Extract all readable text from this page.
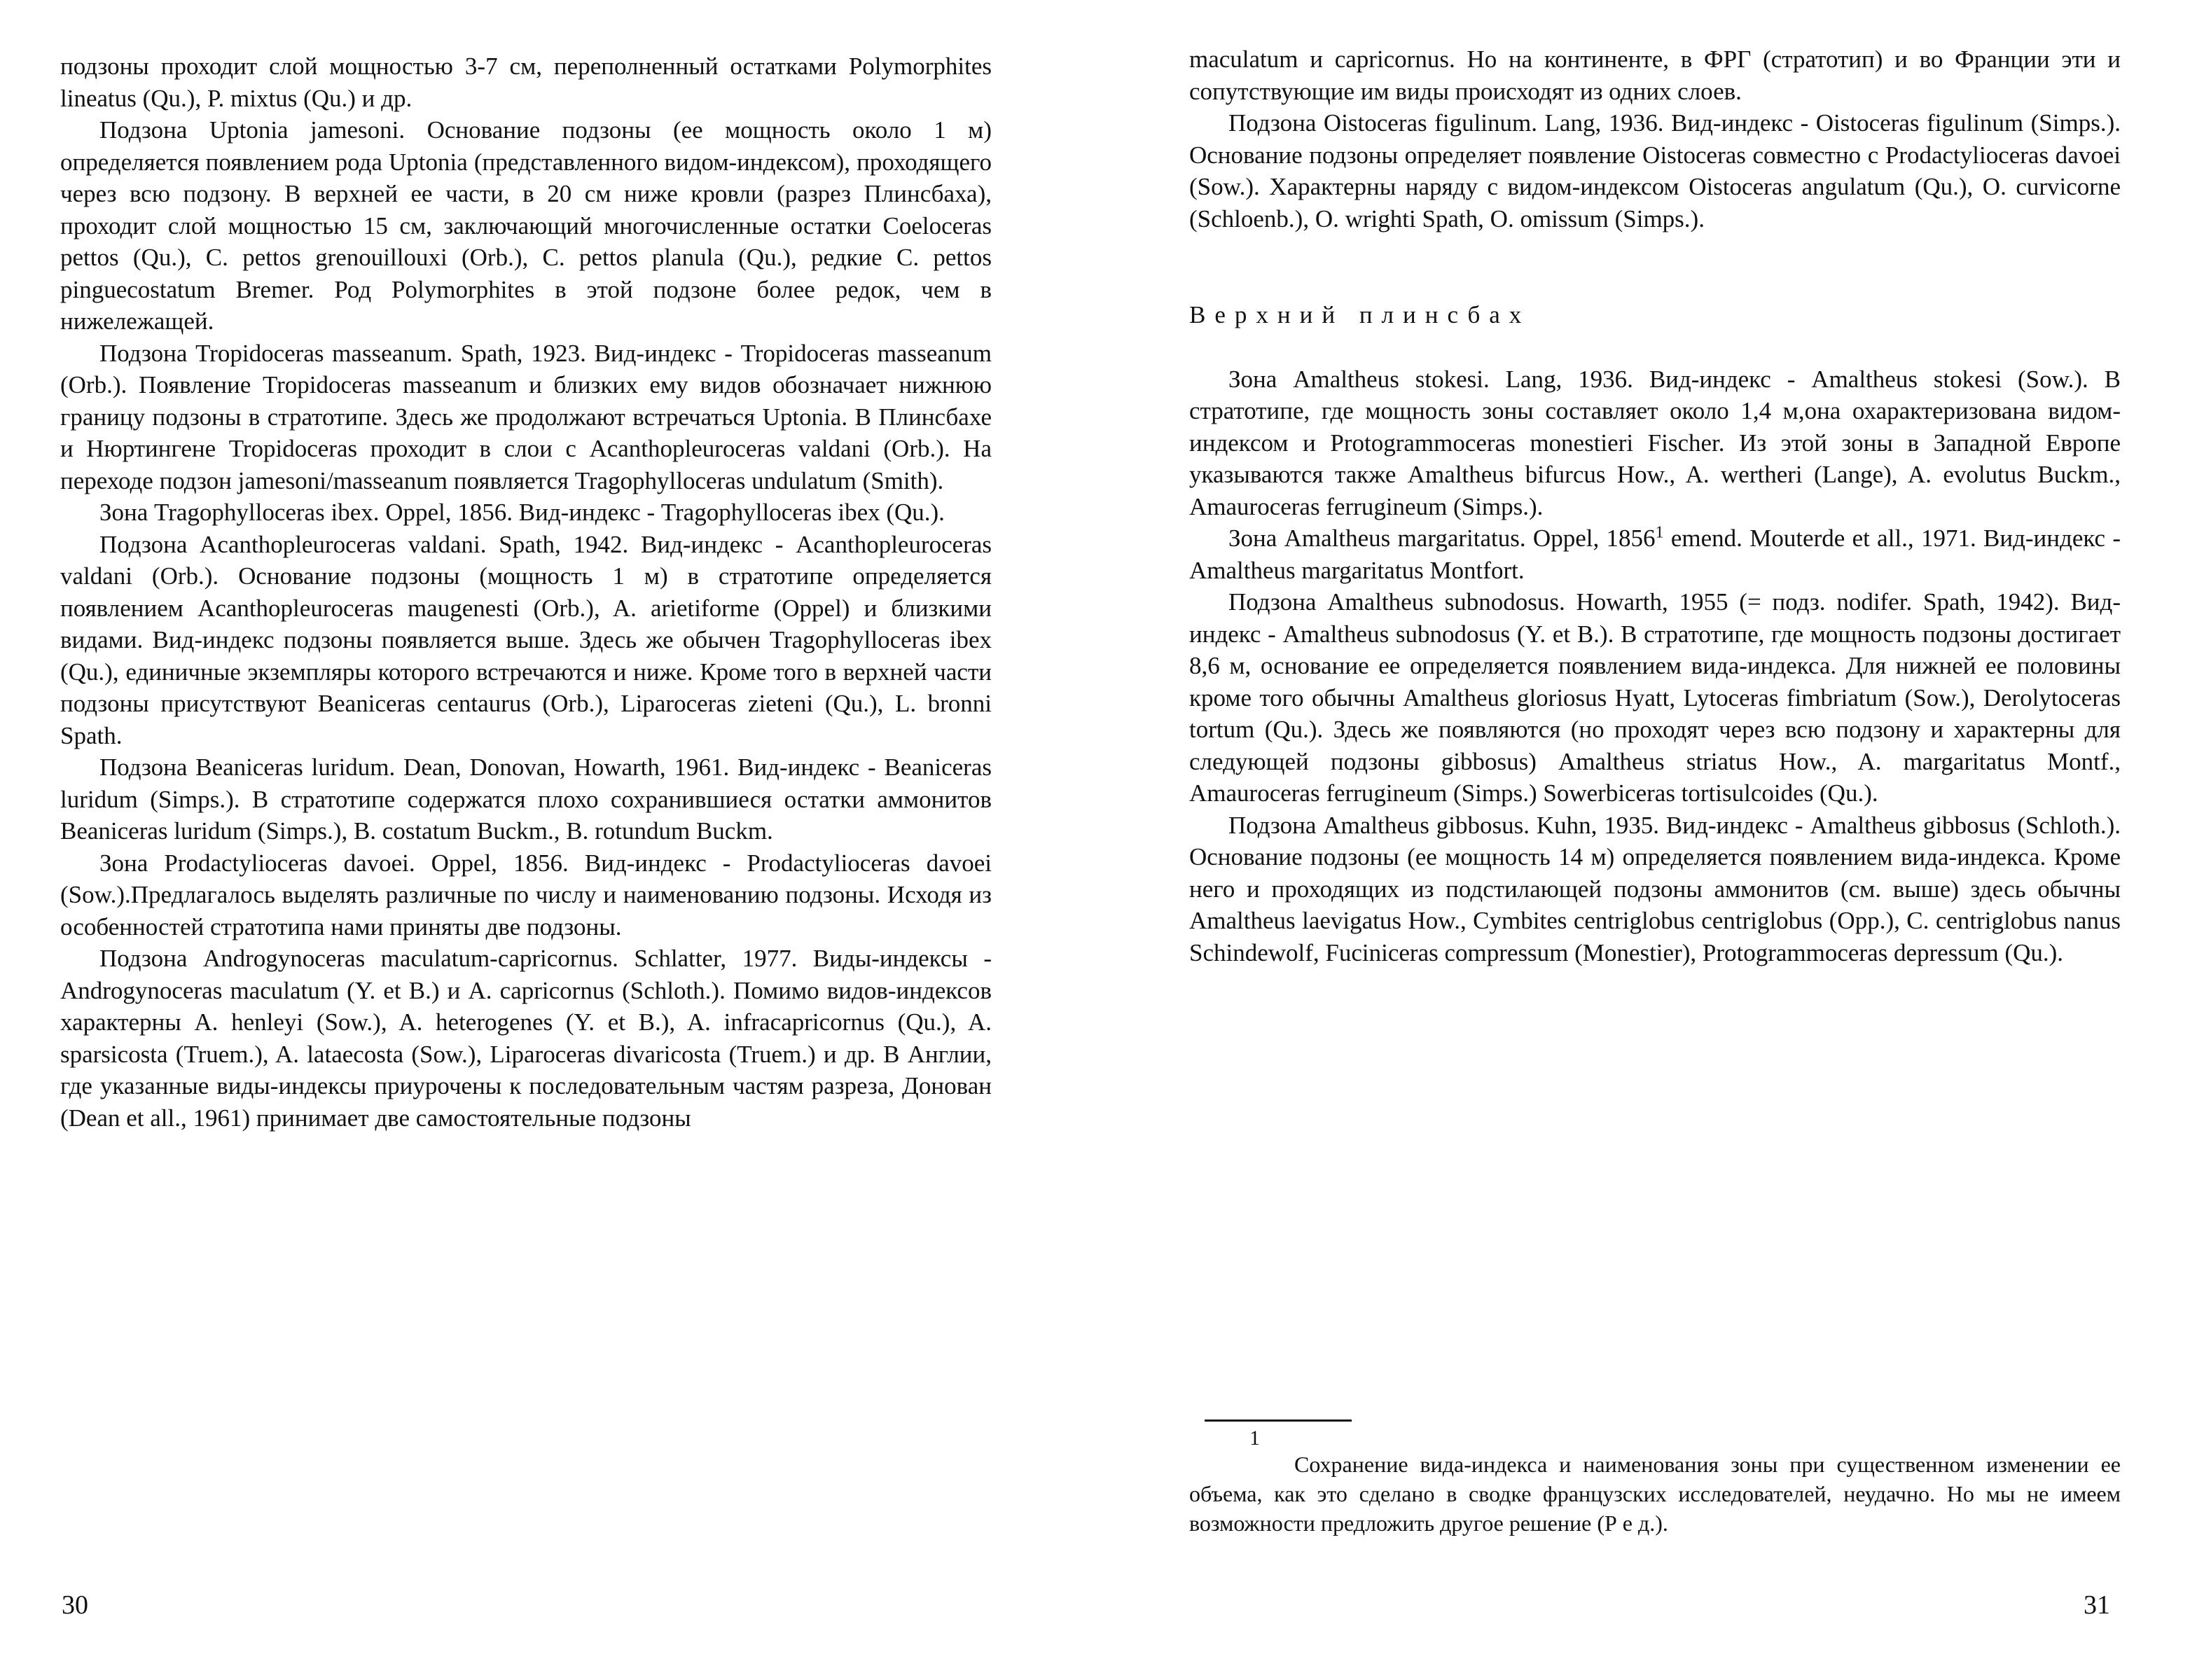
подзоны проходит слой мощностью 3-7 см, переполненный остатками Polymorphites lineatus (Qu.), P. mixtus (Qu.) и др.

Подзона Uptonia jamesoni. Основание подзоны (ее мощность около 1 м) определяется появлением рода Uptonia (представленного видом-индексом), проходящего через всю подзону. В верхней ее части, в 20 см ниже кровли (разрез Плинсбаха), проходит слой мощностью 15 см, заключающий многочисленные остатки Coeloceras pettos (Qu.), C. pettos grenouillouxi (Orb.), C. pettos planula (Qu.), редкие C. pettos pinguecostatum Bremer. Род Polymorphites в этой подзоне более редок, чем в нижележащей.

Подзона Tropidoceras masseanum. Spath, 1923. Вид-индекс - Tropidoceras masseanum (Orb.). Появление Tropidoceras masseanum и близких ему видов обозначает нижнюю границу подзоны в стратотипе. Здесь же продолжают встречаться Uptonia. В Плинсбахе и Нюртингене Tropidoceras проходит в слои с Acanthopleuroceras valdani (Orb.). На переходе подзон jamesoni/masseanum появляется Tragophylloceras undulatum (Smith).

Зона Tragophylloceras ibex. Oppel, 1856. Вид-индекс - Tragophylloceras ibex (Qu.).

Подзона Acanthopleuroceras valdani. Spath, 1942. Вид-индекс - Acanthopleuroceras valdani (Orb.). Основание подзоны (мощность 1 м) в стратотипе определяется появлением Acanthopleuroceras maugenesti (Orb.), A. arietiforme (Oppel) и близкими видами. Вид-индекс подзоны появляется выше. Здесь же обычен Tragophylloceras ibex (Qu.), единичные экземпляры которого встречаются и ниже. Кроме того в верхней части подзоны присутствуют Beaniceras centaurus (Orb.), Liparoceras zieteni (Qu.), L. bronni Spath.

Подзона Beaniceras luridum. Dean, Donovan, Howarth, 1961. Вид-индекс - Beaniceras luridum (Simps.). В стратотипе содержатся плохо сохранившиеся остатки аммонитов Beaniceras luridum (Simps.), B. costatum Buckm., B. rotundum Buckm.

Зона Prodactylioceras davoei. Oppel, 1856. Вид-индекс - Prodactylioceras davoei (Sow.).Предлагалось выделять различные по числу и наименованию подзоны. Исходя из особенностей стратотипа нами приняты две подзоны.

Подзона Androgynoceras maculatum-capricornus. Schlatter, 1977. Виды-индексы - Androgynoceras maculatum (Y. et B.) и A. capricornus (Schloth.). Помимо видов-индексов характерны A. henleyi (Sow.), A. heterogenes (Y. et B.), A. infracapricornus (Qu.), A. sparsicosta (Truem.), A. lataecosta (Sow.), Liparoceras divaricosta (Truem.) и др. В Англии, где указанные виды-индексы приурочены к последовательным частям разреза, Донован (Dean et all., 1961) принимает две самостоятельные подзоны

30	31

maculatum и capricornus. Но на континенте, в ФРГ (стратотип) и во Франции эти и сопутствующие им виды происходят из одних слоев.

Подзона Oistoceras figulinum. Lang, 1936. Вид-индекс - Oistoceras figulinum (Simps.). Основание подзоны определяет появление Oistoceras совместно с Prodactylioceras davoei (Sow.). Характерны наряду с видом-индексом Oistoceras angulatum (Qu.), O. curvicorne (Schloenb.), O. wrighti Spath, O. omissum (Simps.).

Верхний плинсбах

Зона Amaltheus stokesi. Lang, 1936. Вид-индекс - Amaltheus stokesi (Sow.). В стратотипе, где мощность зоны составляет около 1,4 м,она охарактеризована видом-индексом и Protogrammoceras monestieri Fischer. Из этой зоны в Западной Европе указываются также Amaltheus bifurcus How., A. wertheri (Lange), A. evolutus Buckm., Amauroceras ferrugineum (Simps.).

Зона Amaltheus margaritatus. Oppel, 1856$^1$ emend. Mouterde et all., 1971. Вид-индекс - Amaltheus margaritatus Montfort.

Подзона Amaltheus subnodosus. Howarth, 1955 (= подз. nodifer. Spath, 1942). Вид-индекс - Amaltheus subnodosus (Y. et B.). В стратотипе, где мощность подзоны достигает 8,6 м, основание ее определяется появлением вида-индекса. Для нижней ее половины кроме того обычны Amaltheus gloriosus Hyatt, Lytoceras fimbriatum (Sow.), Derolytoceras tortum (Qu.). Здесь же появляются (но проходят через всю подзону и характерны для следующей подзоны gibbosus) Amaltheus striatus How., A. margaritatus Montf., Amauroceras ferrugineum (Simps.) Sowerbiceras tortisulcoides (Qu.).

Подзона Amaltheus gibbosus. Kuhn, 1935. Вид-индекс - Amaltheus gibbosus (Schloth.). Основание подзоны (ее мощность 14 м) определяется появлением вида-индекса. Кроме него и проходящих из подстилающей подзоны аммонитов (см. выше) здесь обычны Amaltheus laevigatus How., Cymbites centriglobus centriglobus (Opp.), C. centriglobus nanus Schindewolf, Fuciniceras compressum (Monestier), Protogrammoceras depressum (Qu.).

1

Сохранение вида-индекса и наименования зоны при существенном изменении ее объема, как это сделано в сводке французских исследователей, неудачно. Но мы не имеем возможности предложить другое решение (Р е д.).
